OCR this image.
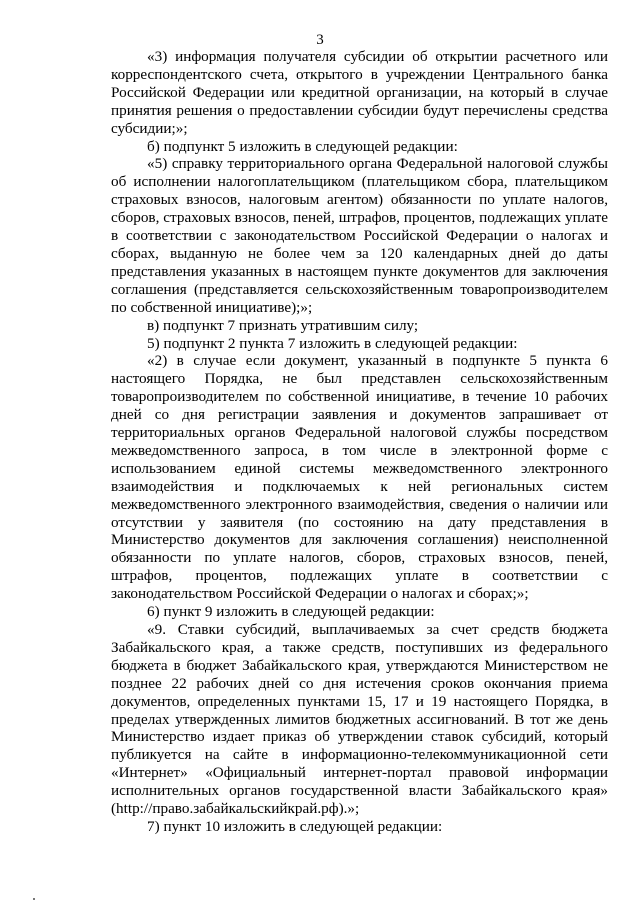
3

«3) информация получателя субсидии об открытии расчетного или корреспондентского счета, открытого в учреждении Центрального банка Российской Федерации или кредитной организации, на который в случае принятия решения о предоставлении субсидии будут перечислены средства субсидии;»;

б) подпункт 5 изложить в следующей редакции:

«5) справку территориального органа Федеральной налоговой службы об исполнении налогоплательщиком (плательщиком сбора, плательщиком страховых взносов, налоговым агентом) обязанности по уплате налогов, сборов, страховых взносов, пеней, штрафов, процентов, подлежащих уплате в соответствии с законодательством Российской Федерации о налогах и сборах, выданную не более чем за 120 календарных дней до даты представления указанных в настоящем пункте документов для заключения соглашения (представляется сельскохозяйственным товаропроизводителем по собственной инициативе);»;

в) подпункт 7 признать утратившим силу;

5) подпункт 2 пункта 7 изложить в следующей редакции:

«2) в случае если документ, указанный в подпункте 5 пункта 6 настоящего Порядка, не был представлен сельскохозяйственным товаропроизводителем по собственной инициативе, в течение 10 рабочих дней со дня регистрации заявления и документов запрашивает от территориальных органов Федеральной налоговой службы посредством межведомственного запроса, в том числе в электронной форме с использованием единой системы межведомственного электронного взаимодействия и подключаемых к ней региональных систем межведомственного электронного взаимодействия, сведения о наличии или отсутствии у заявителя (по состоянию на дату представления в Министерство документов для заключения соглашения) неисполненной обязанности по уплате налогов, сборов, страховых взносов, пеней, штрафов, процентов, подлежащих уплате в соответствии с законодательством Российской Федерации о налогах и сборах;»;

6) пункт 9 изложить в следующей редакции:

«9. Ставки субсидий, выплачиваемых за счет средств бюджета Забайкальского края, а также средств, поступивших из федерального бюджета в бюджет Забайкальского края, утверждаются Министерством не позднее 22 рабочих дней со дня истечения сроков окончания приема документов, определенных пунктами 15, 17 и 19 настоящего Порядка, в пределах утвержденных лимитов бюджетных ассигнований. В тот же день Министерство издает приказ об утверждении ставок субсидий, который публикуется на сайте в информационно-телекоммуникационной сети «Интернет» «Официальный интернет-портал правовой информации исполнительных органов государственной власти Забайкальского края» (http://право.забайкальскийкрай.рф).»;

7) пункт 10 изложить в следующей редакции:
